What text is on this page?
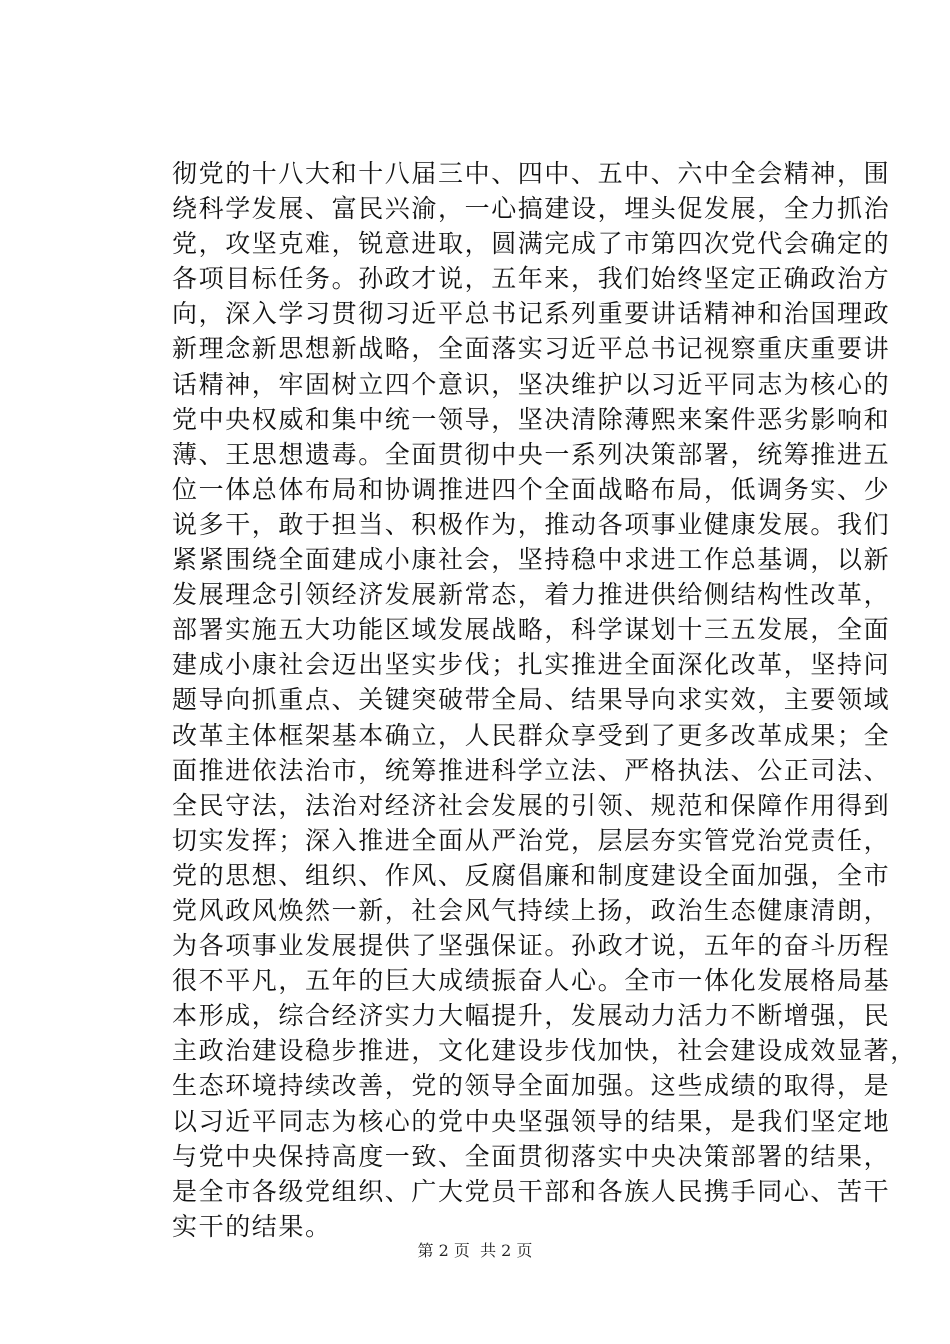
彻党的十八大和十八届三中、四中、五中、六中全会精神，围
绕科学发展、富民兴渝，一心搞建设，埋头促发展，全力抓治
党，攻坚克难，锐意进取，圆满完成了市第四次党代会确定的
各项目标任务。孙政才说，五年来，我们始终坚定正确政治方
向，深入学习贯彻习近平总书记系列重要讲话精神和治国理政
新理念新思想新战略，全面落实习近平总书记视察重庆重要讲
话精神，牢固树立四个意识，坚决维护以习近平同志为核心的
党中央权威和集中统一领导，坚决清除薄熙来案件恶劣影响和
薄、王思想遗毒。全面贯彻中央一系列决策部署，统筹推进五
位一体总体布局和协调推进四个全面战略布局，低调务实、少
说多干，敢于担当、积极作为，推动各项事业健康发展。我们
紧紧围绕全面建成小康社会，坚持稳中求进工作总基调，以新
发展理念引领经济发展新常态，着力推进供给侧结构性改革，
部署实施五大功能区域发展战略，科学谋划十三五发展，全面
建成小康社会迈出坚实步伐；扎实推进全面深化改革，坚持问
题导向抓重点、关键突破带全局、结果导向求实效，主要领域
改革主体框架基本确立，人民群众享受到了更多改革成果；全
面推进依法治市，统筹推进科学立法、严格执法、公正司法、
全民守法，法治对经济社会发展的引领、规范和保障作用得到
切实发挥；深入推进全面从严治党，层层夯实管党治党责任，
党的思想、组织、作风、反腐倡廉和制度建设全面加强，全市
党风政风焕然一新，社会风气持续上扬，政治生态健康清朗，
为各项事业发展提供了坚强保证。孙政才说，五年的奋斗历程
很不平凡，五年的巨大成绩振奋人心。全市一体化发展格局基
本形成，综合经济实力大幅提升，发展动力活力不断增强，民
主政治建设稳步推进，文化建设步伐加快，社会建设成效显著，
生态环境持续改善，党的领导全面加强。这些成绩的取得，是
以习近平同志为核心的党中央坚强领导的结果，是我们坚定地
与党中央保持高度一致、全面贯彻落实中央决策部署的结果，
是全市各级党组织、广大党员干部和各族人民携手同心、苦干
实干的结果。
第 2 页  共 2 页
